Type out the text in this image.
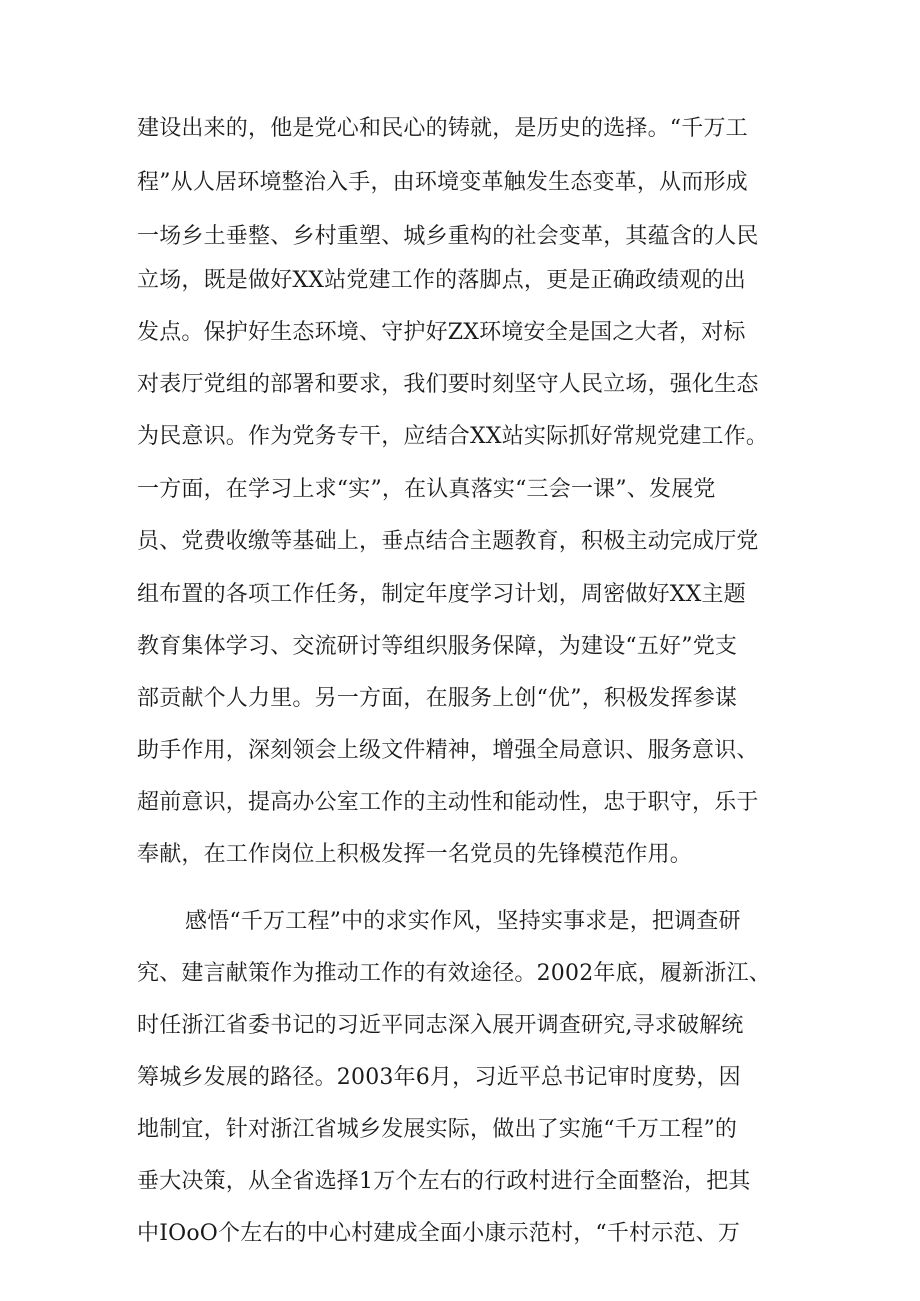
建设出来的，他是党心和民心的铸就，是历史的选择。“千万工
程”从人居环境整治入手，由环境变革触发生态变革，从而形成
一场乡土垂整、乡村重塑、城乡重构的社会变革，其蕴含的人民
立场，既是做好XX站党建工作的落脚点，更是正确政绩观的出
发点。保护好生态环境、守护好ZX环境安全是国之大者，对标
对表厅党组的部署和要求，我们要时刻坚守人民立场，强化生态
为民意识。作为党务专干，应结合XX站实际抓好常规党建工作。
一方面，在学习上求“实”，在认真落实“三会一课”、发展党
员、党费收缴等基础上，垂点结合主题教育，积极主动完成厅党
组布置的各项工作任务，制定年度学习计划，周密做好XX主题
教育集体学习、交流研讨等组织服务保障，为建设“五好”党支
部贡献个人力里。另一方面，在服务上创“优”，积极发挥参谋
助手作用，深刻领会上级文件精神，增强全局意识、服务意识、
超前意识，提高办公室工作的主动性和能动性，忠于职守，乐于
奉献，在工作岗位上积极发挥一名党员的先锋模范作用。
感悟“千万工程”中的求实作风，坚持实事求是，把调查研
究、建言献策作为推动工作的有效途径。2002年底，履新浙江、
时任浙江省委书记的习近平同志深入展开调查研究,寻求破解统
筹城乡发展的路径。2003年6月，习近平总书记审时度势，因
地制宜，针对浙江省城乡发展实际，做出了实施“千万工程”的
垂大决策，从全省选择1万个左右的行政村进行全面整治，把其
中IOoO个左右的中心村建成全面小康示范村，“千村示范、万
